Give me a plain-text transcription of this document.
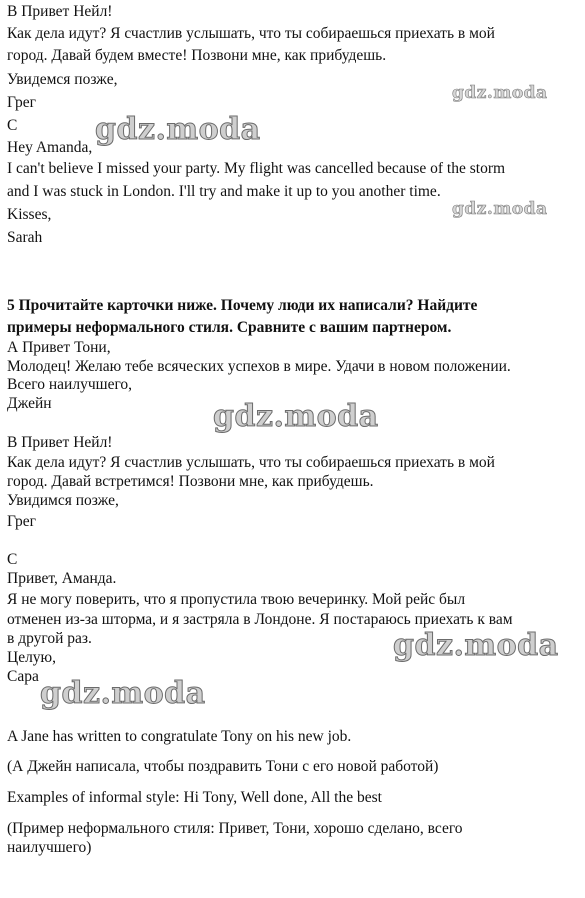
В Привет Нейл!
Как дела идут? Я счастлив услышать, что ты собираешься приехать в мой
город. Давай будем вместе! Позвони мне, как прибудешь.
Увидемся позже,
Грег
С
Hey Amanda,
I can't believe I missed your party. My flight was cancelled because of the storm
and I was stuck in London. I'll try and make it up to you another time.
Kisses,
Sarah
5 Прочитайте карточки ниже. Почему люди их написали? Найдите
примеры неформального стиля. Сравните с вашим партнером.
А Привет Тони,
Молодец! Желаю тебе всяческих успехов в мире. Удачи в новом положении.
Всего наилучшего,
Джейн
В Привет Нейл!
Как дела идут? Я счастлив услышать, что ты собираешься приехать в мой
город. Давай встретимся! Позвони мне, как прибудешь.
Увидимся позже,
Грег
С
Привет, Аманда.
Я не могу поверить, что я пропустила твою вечеринку. Мой рейс был
отменен из-за шторма, и я застряла в Лондоне. Я постараюсь приехать к вам
в другой раз.
Целую,
Сара
A Jane has written to congratulate Tony on his new job.
(А Джейн написала, чтобы поздравить Тони с его новой работой)
Examples of informal style: Hi Tony, Well done, All the best
(Пример неформального стиля: Привет, Тони, хорошо сделано, всего
наилучшего)
gdz.moda
gdz.moda
gdz.moda
gdz.moda
gdz.moda
gdz.moda
